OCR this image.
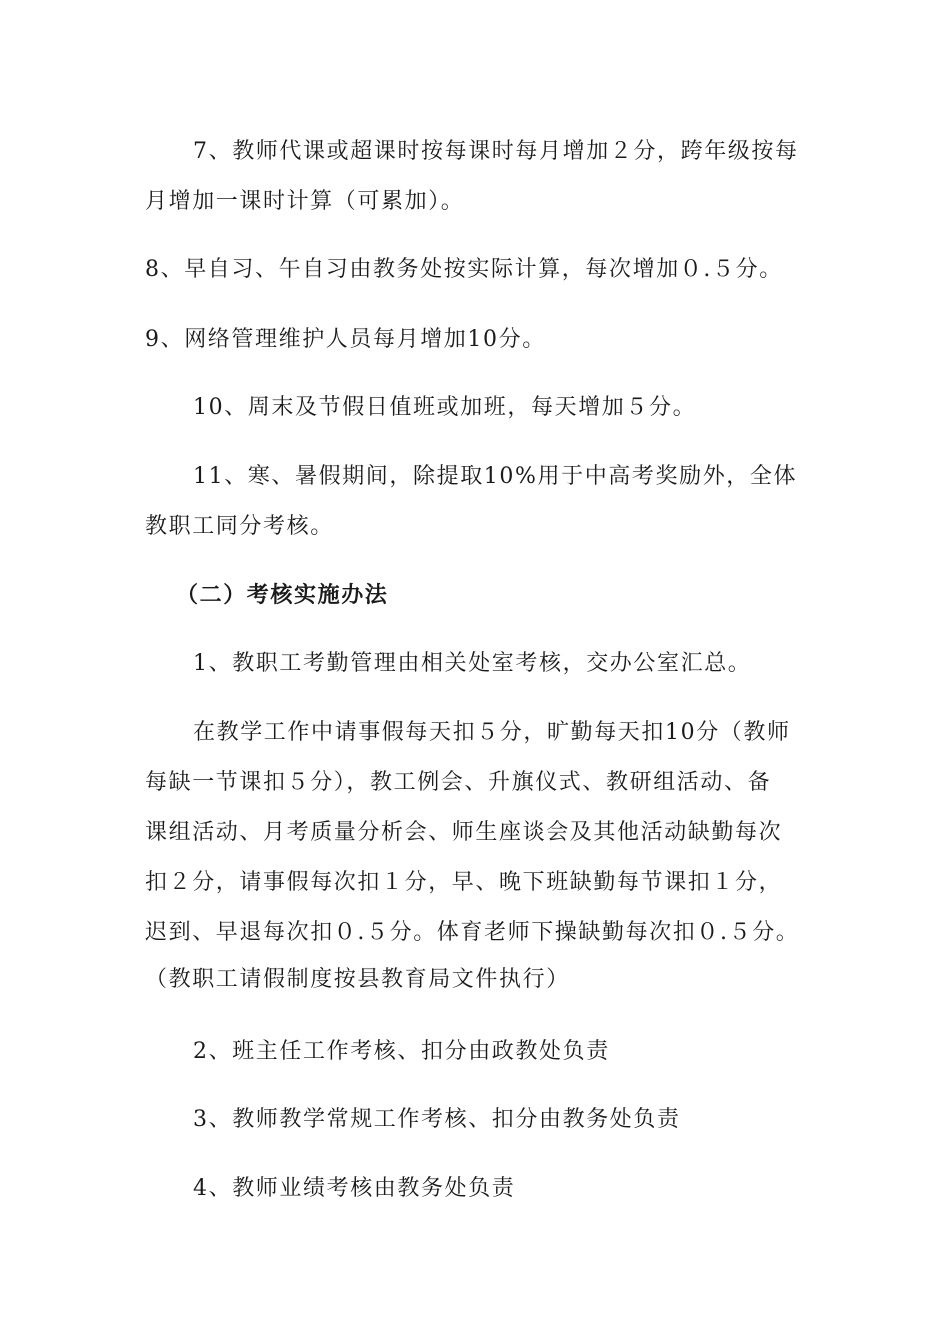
7、教师代课或超课时按每课时每月增加２分，跨年级按每
月增加一课时计算（可累加）。
8、早自习、午自习由教务处按实际计算，每次增加０.５分。
9、网络管理维护人员每月增加10分。
10、周末及节假日值班或加班，每天增加５分。
11、寒、暑假期间，除提取10%用于中高考奖励外，全体
教职工同分考核。
（二）考核实施办法
1、教职工考勤管理由相关处室考核，交办公室汇总。
在教学工作中请事假每天扣５分，旷勤每天扣10分（教师
每缺一节课扣５分），教工例会、升旗仪式、教研组活动、备
课组活动、月考质量分析会、师生座谈会及其他活动缺勤每次
扣２分，请事假每次扣１分，早、晚下班缺勤每节课扣１分，
迟到、早退每次扣０.５分。体育老师下操缺勤每次扣０.５分。
（教职工请假制度按县教育局文件执行）
2、班主任工作考核、扣分由政教处负责
3、教师教学常规工作考核、扣分由教务处负责
4、教师业绩考核由教务处负责
